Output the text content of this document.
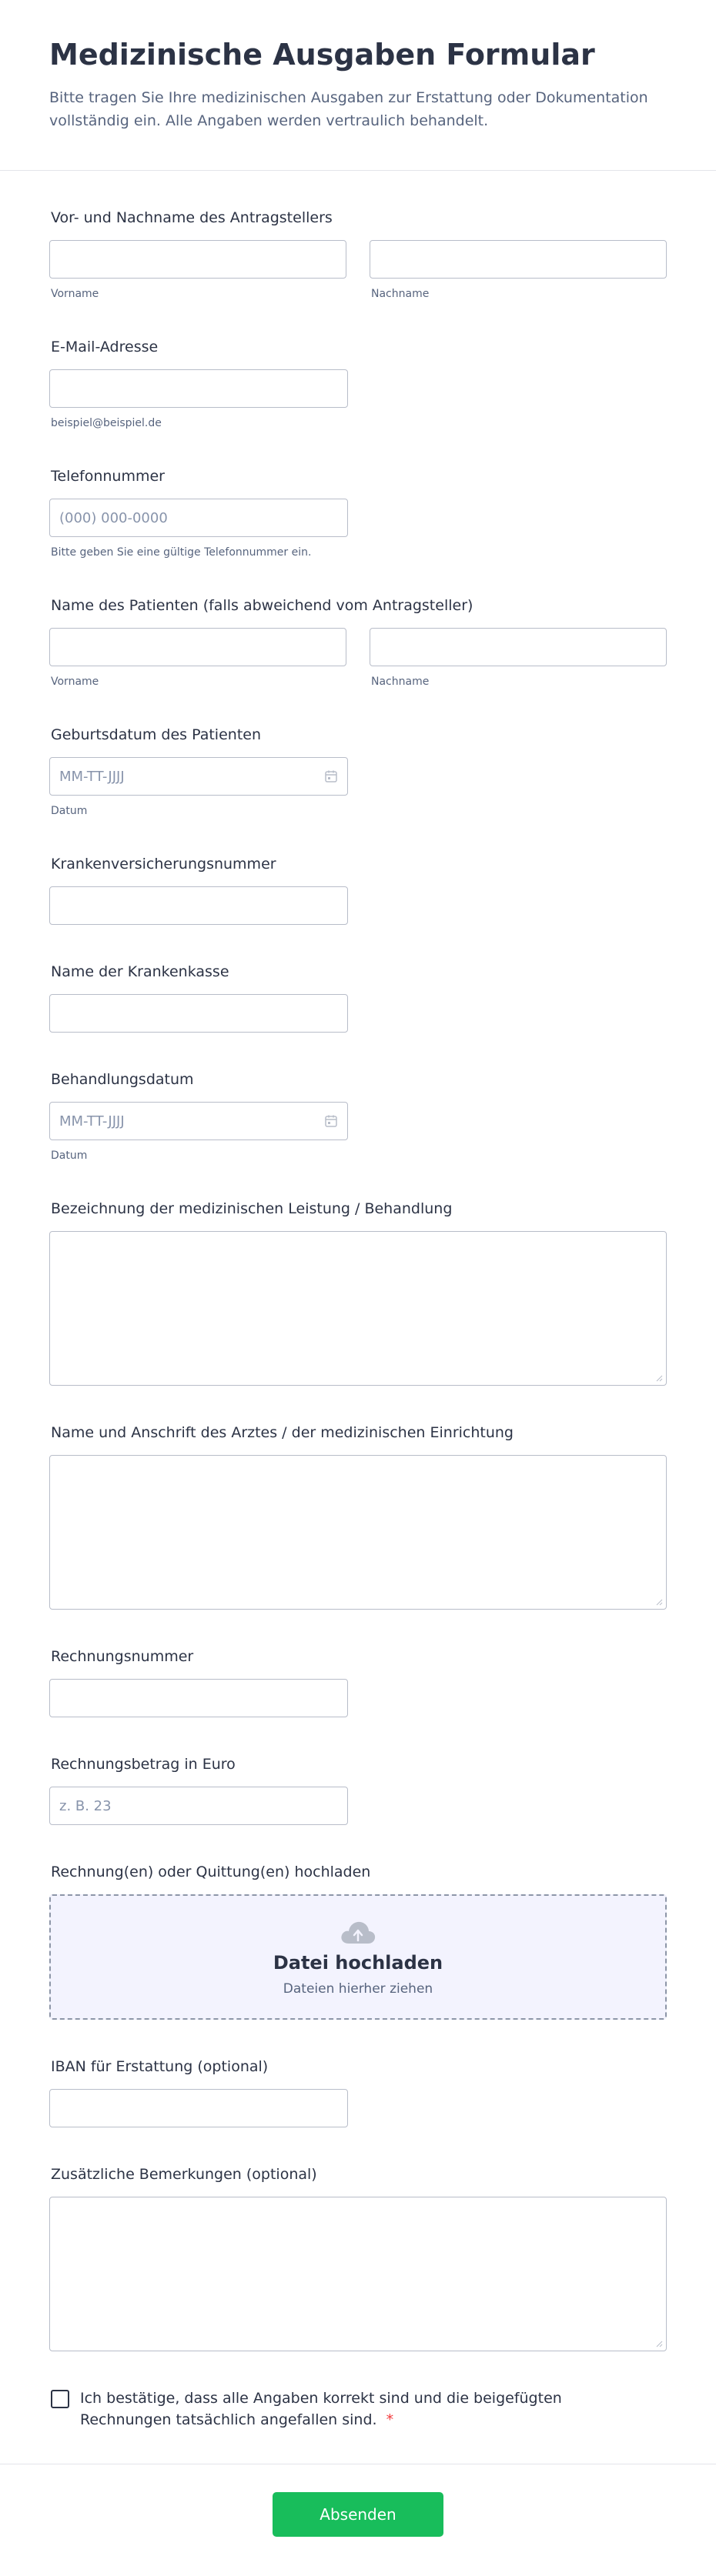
Medizinische Ausgaben Formular

Bitte tragen Sie Ihre medizinischen Ausgaben zur Erstattung oder Dokumentation vollständig ein. Alle Angaben werden vertraulich behandelt.

Vor- und Nachname des Antragstellers
Vorname	Nachname
E-Mail-Adresse
beispiel@beispiel.de
Telefonnummer
(000) 000-0000
Bitte geben Sie eine gültige Telefonnummer ein.
Name des Patienten (falls abweichend vom Antragsteller)
Vorname	Nachname
Geburtsdatum des Patienten
MM-TT-JJJJ
Datum
Krankenversicherungsnummer
Name der Krankenkasse
Behandlungsdatum
MM-TT-JJJJ
Datum
Bezeichnung der medizinischen Leistung / Behandlung
Name und Anschrift des Arztes / der medizinischen Einrichtung
Rechnungsnummer
Rechnungsbetrag in Euro
z. B. 23
Rechnung(en) oder Quittung(en) hochladen
Datei hochladen
Dateien hierher ziehen
IBAN für Erstattung (optional)
Zusätzliche Bemerkungen (optional)
Ich bestätige, dass alle Angaben korrekt sind und die beigefügten Rechnungen tatsächlich angefallen sind. *
Absenden
